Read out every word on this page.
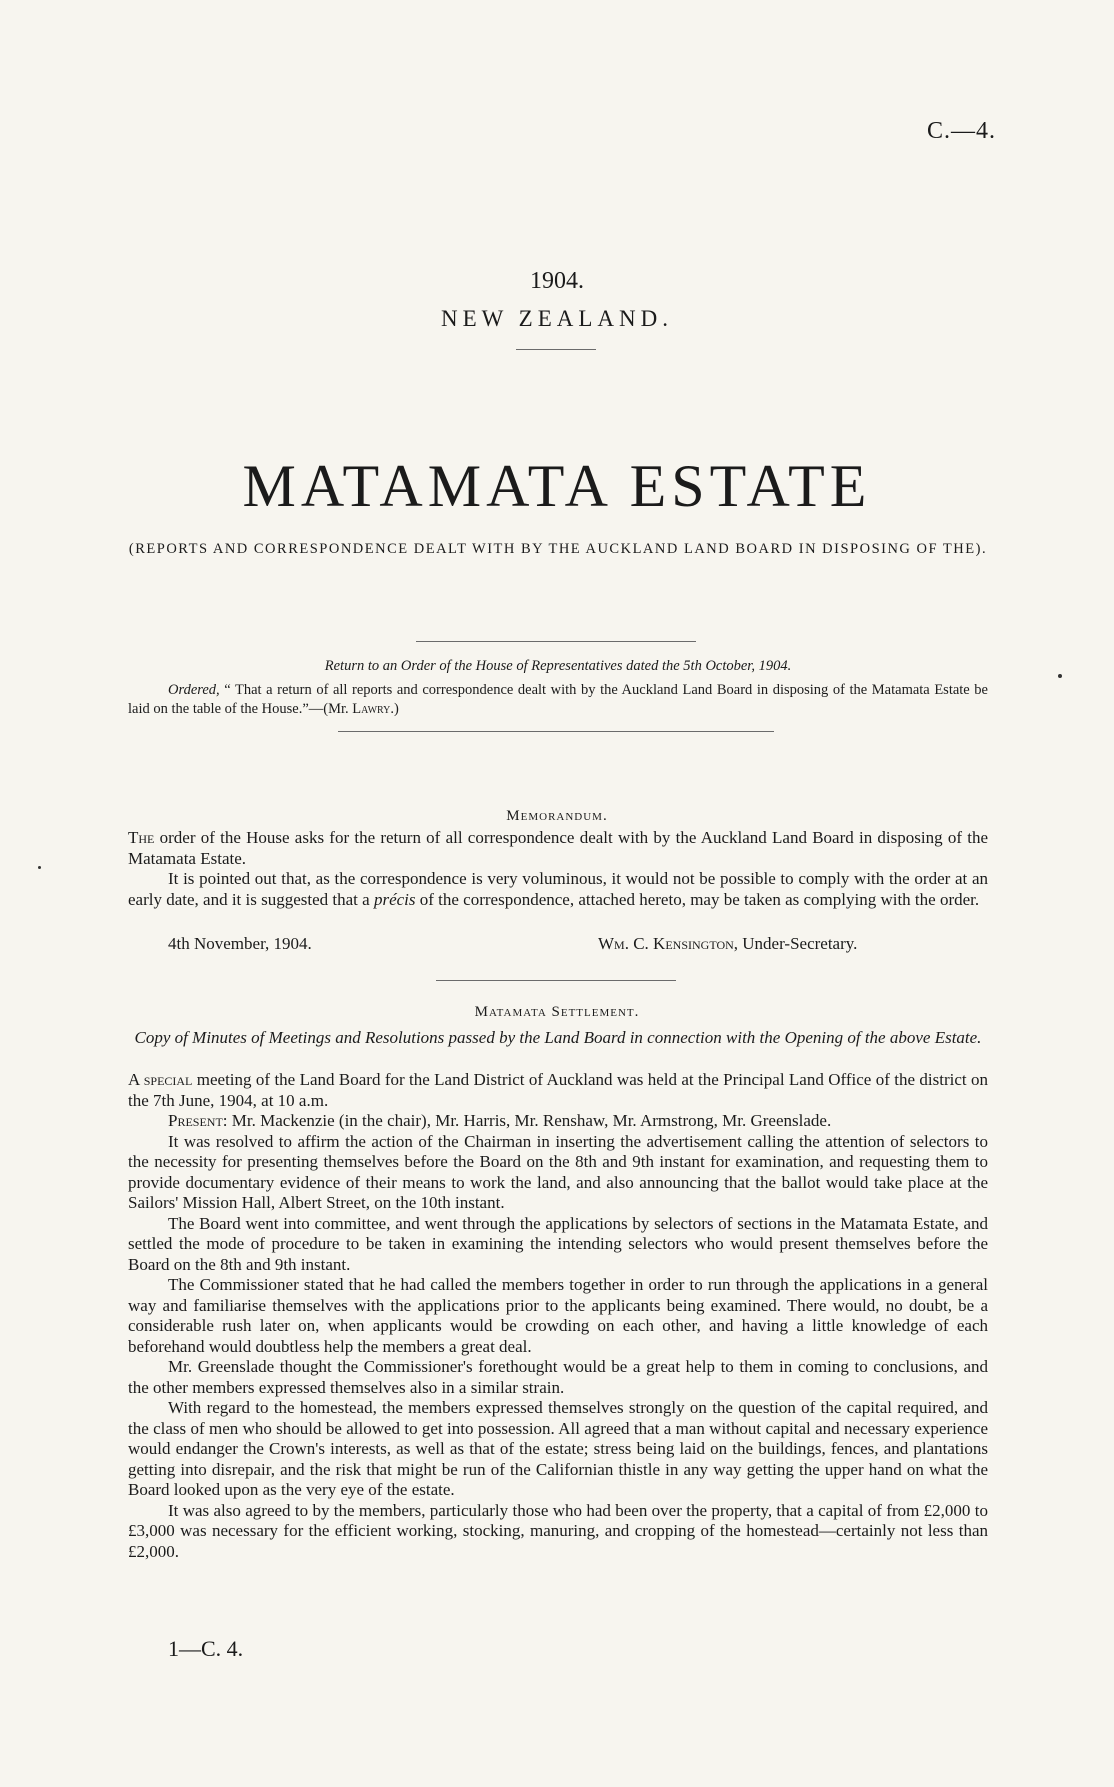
C.—4.
1904.
NEW ZEALAND.
MATAMATA ESTATE
(REPORTS AND CORRESPONDENCE DEALT WITH BY THE AUCKLAND LAND BOARD IN DISPOSING OF THE).
Return to an Order of the House of Representatives dated the 5th October, 1904.
Ordered, “ That a return of all reports and correspondence dealt with by the Auckland Land Board in disposing of the Matamata Estate be laid on the table of the House.”—(Mr. Lawry.)
Memorandum.

The order of the House asks for the return of all correspondence dealt with by the Auckland Land Board in disposing of the Matamata Estate.

It is pointed out that, as the correspondence is very voluminous, it would not be possible to comply with the order at an early date, and it is suggested that a précis of the correspondence, attached hereto, may be taken as complying with the order.

4th November, 1904.	Wm. C. Kensington, Under-Secretary.
Matamata Settlement.
Copy of Minutes of Meetings and Resolutions passed by the Land Board in connection with the Opening of the above Estate.

A special meeting of the Land Board for the Land District of Auckland was held at the Principal Land Office of the district on the 7th June, 1904, at 10 a.m.

Present: Mr. Mackenzie (in the chair), Mr. Harris, Mr. Renshaw, Mr. Armstrong, Mr. Greenslade.

It was resolved to affirm the action of the Chairman in inserting the advertisement calling the attention of selectors to the necessity for presenting themselves before the Board on the 8th and 9th instant for examination, and requesting them to provide documentary evidence of their means to work the land, and also announcing that the ballot would take place at the Sailors' Mission Hall, Albert Street, on the 10th instant.

The Board went into committee, and went through the applications by selectors of sections in the Matamata Estate, and settled the mode of procedure to be taken in examining the intending selectors who would present themselves before the Board on the 8th and 9th instant.

The Commissioner stated that he had called the members together in order to run through the applications in a general way and familiarise themselves with the applications prior to the applicants being examined. There would, no doubt, be a considerable rush later on, when applicants would be crowding on each other, and having a little knowledge of each beforehand would doubtless help the members a great deal.

Mr. Greenslade thought the Commissioner's forethought would be a great help to them in coming to conclusions, and the other members expressed themselves also in a similar strain.

With regard to the homestead, the members expressed themselves strongly on the question of the capital required, and the class of men who should be allowed to get into possession. All agreed that a man without capital and necessary experience would endanger the Crown's interests, as well as that of the estate; stress being laid on the buildings, fences, and plantations getting into disrepair, and the risk that might be run of the Californian thistle in any way getting the upper hand on what the Board looked upon as the very eye of the estate.

It was also agreed to by the members, particularly those who had been over the property, that a capital of from £2,000 to £3,000 was necessary for the efficient working, stocking, manuring, and cropping of the homestead—certainly not less than £2,000.

1—C. 4.
